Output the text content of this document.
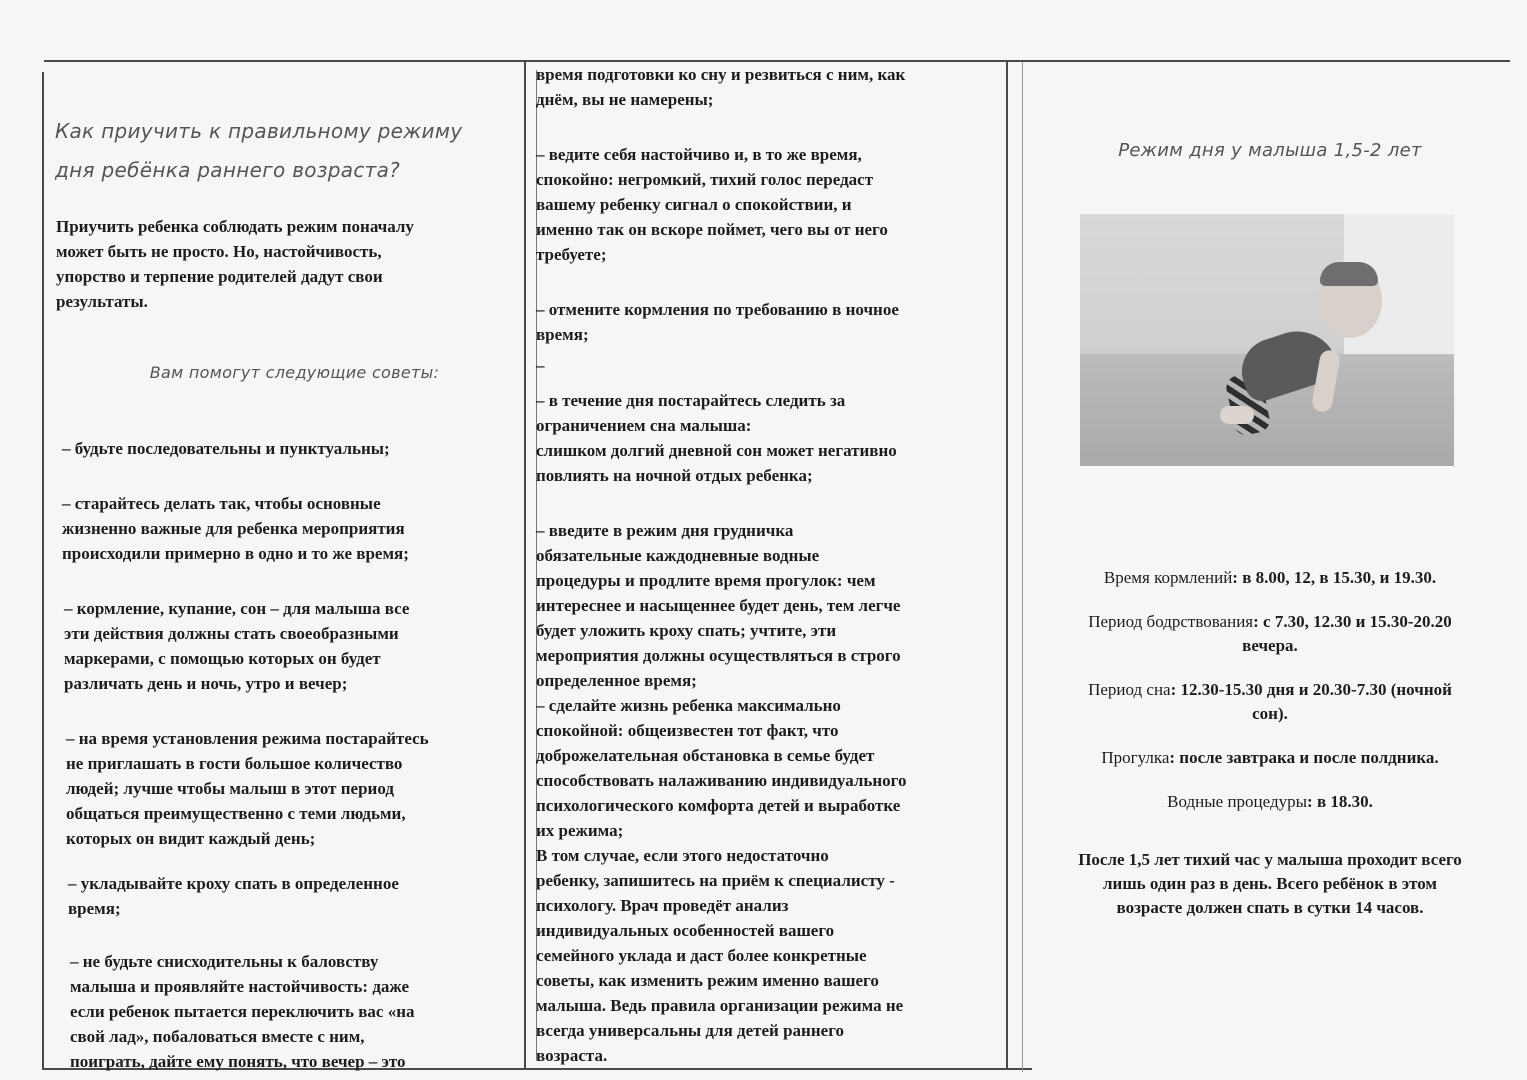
Как приучить к правильному режиму
дня ребёнка раннего возраста?
Приучить ребенка соблюдать режим поначалу
может быть не просто. Но, настойчивость,
упорство и терпение родителей дадут свои
результаты.
Вам помогут следующие советы:
– будьте последовательны и пунктуальны;
– старайтесь делать так, чтобы основные
жизненно важные для ребенка мероприятия
происходили примерно в одно и то же время;
– кормление, купание, сон – для малыша все
эти действия должны стать своеобразными
маркерами, с помощью которых он будет
различать день и ночь, утро и вечер;
– на время установления режима постарайтесь
не приглашать в гости большое количество
людей; лучше чтобы малыш в этот период
общаться преимущественно с теми людьми,
которых он видит каждый день;
– укладывайте кроху спать в определенное
время;
– не будьте снисходительны к баловству
малыша и проявляйте настойчивость: даже
если ребенок пытается переключить вас «на
свой лад», побаловаться вместе с ним,
поиграть, дайте ему понять, что вечер – это
время подготовки ко сну и резвиться с ним, как
днём, вы не намерены;
– ведите себя настойчиво и, в то же время,
спокойно: негромкий, тихий голос передаст
вашему ребенку сигнал о спокойствии, и
именно так он вскоре поймет, чего вы от него
требуете;
– отмените кормления по требованию в ночное
время;
–
– в течение дня постарайтесь следить за
ограничением сна малыша:
слишком долгий дневной сон может негативно
повлиять на ночной отдых ребенка;
– введите в режим дня грудничка
обязательные каждодневные водные
процедуры и продлите время прогулок: чем
интереснее и насыщеннее будет день, тем легче
будет уложить кроху спать; учтите, эти
мероприятия должны осуществляться в строго
определенное время;
– сделайте жизнь ребенка максимально
спокойной: общеизвестен тот факт, что
доброжелательная обстановка в семье будет
способствовать налаживанию индивидуального
психологического комфорта детей и выработке
их режима;
В том случае, если этого недостаточно
ребенку, запишитесь на приём к специалисту -
психологу. Врач проведёт анализ
индивидуальных особенностей вашего
семейного уклада и даст более конкретные
советы, как изменить режим именно вашего
малыша. Ведь правила организации режима не
всегда универсальны для детей раннего
возраста.
Режим дня у малыша 1,5-2 лет
Время кормлений: в 8.00, 12, в 15.30, и 19.30.
Период бодрствования: с 7.30, 12.30 и 15.30-20.20
вечера.
Период сна: 12.30-15.30 дня и 20.30-7.30 (ночной
сон).
Прогулка: после завтрака и после полдника.
Водные процедуры: в 18.30.
После 1,5 лет тихий час у малыша проходит всего
лишь один раз в день. Всего ребёнок в этом
возрасте должен спать в сутки 14 часов.
